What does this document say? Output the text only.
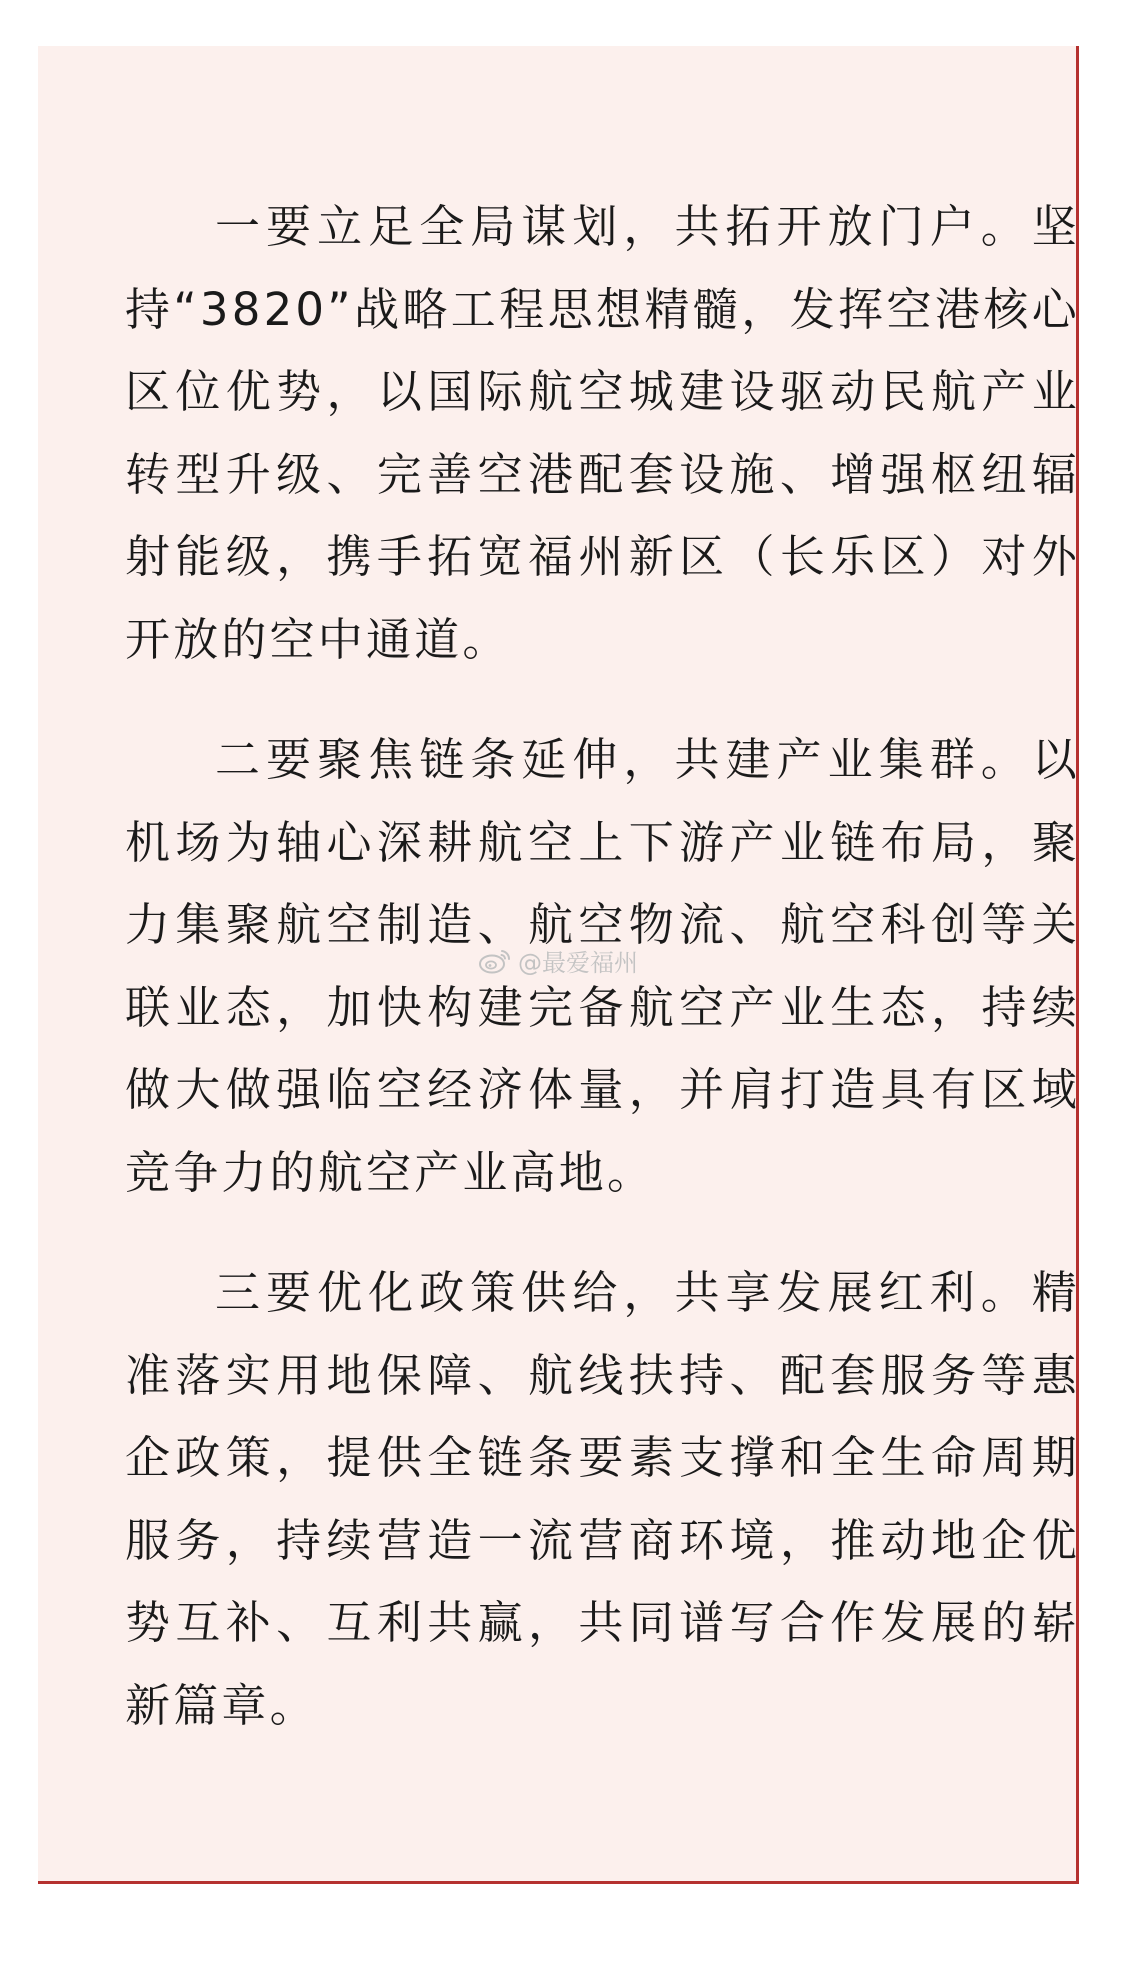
一要立足全局谋划，共拓开放门户。坚持“3820”战略工程思想精髓，发挥空港核心区位优势，以国际航空城建设驱动民航产业转型升级、完善空港配套设施、增强枢纽辐射能级，携手拓宽福州新区（长乐区）对外开放的空中通道。

二要聚焦链条延伸，共建产业集群。以机场为轴心深耕航空上下游产业链布局，聚力集聚航空制造、航空物流、航空科创等关联业态，加快构建完备航空产业生态，持续做大做强临空经济体量，并肩打造具有区域竞争力的航空产业高地。

三要优化政策供给，共享发展红利。精准落实用地保障、航线扶持、配套服务等惠企政策，提供全链条要素支撑和全生命周期服务，持续营造一流营商环境，推动地企优势互补、互利共赢，共同谱写合作发展的崭新篇章。

@最爱福州
